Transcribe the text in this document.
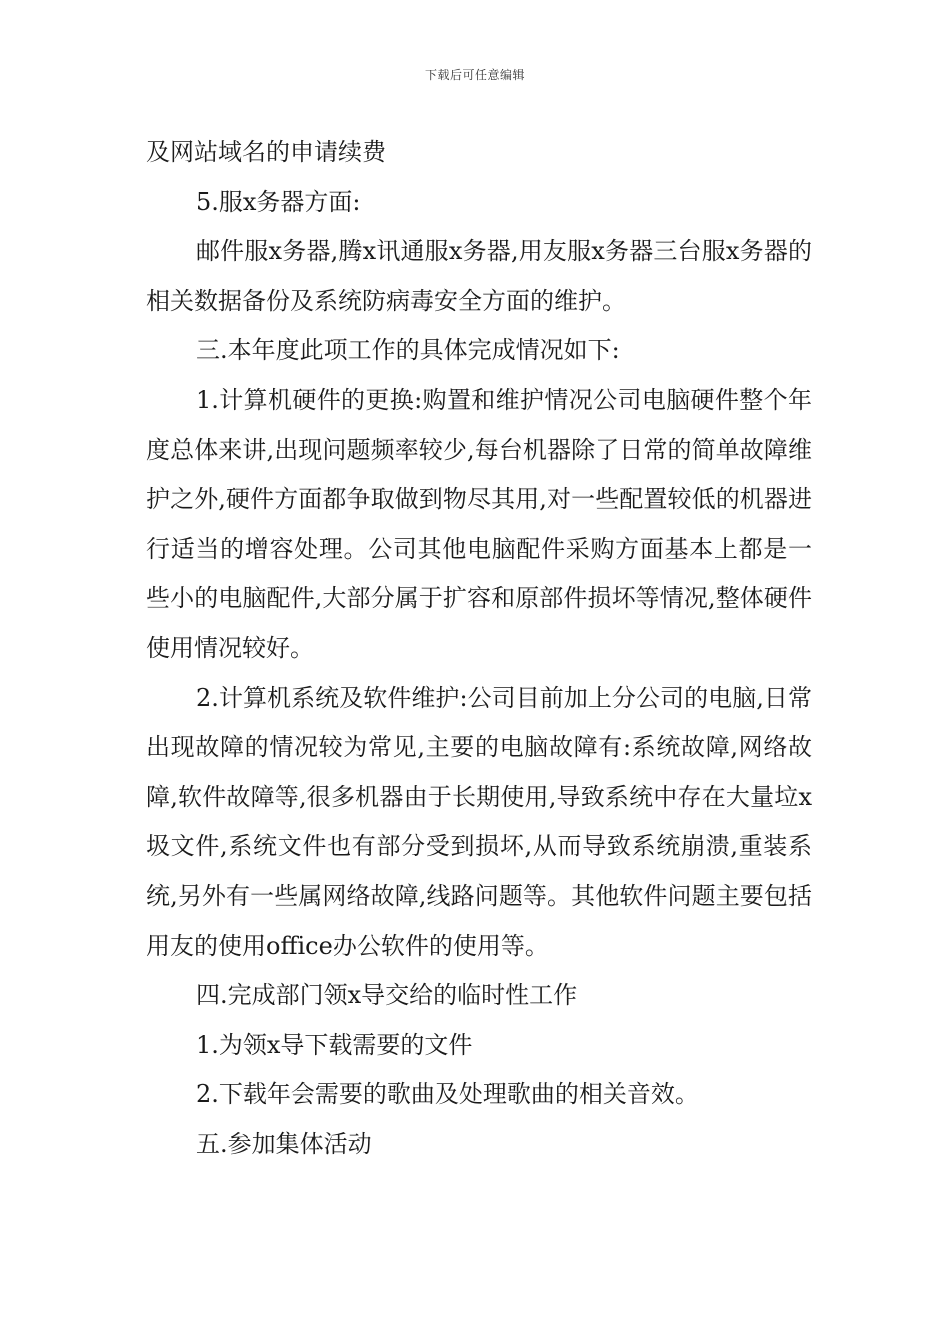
下载后可任意编辑

及网站域名的申请续费

5.服x务器方面:

邮件服x务器,腾x讯通服x务器,用友服x务器三台服x务器的相关数据备份及系统防病毒安全方面的维护。

三.本年度此项工作的具体完成情况如下:

1.计算机硬件的更换:购置和维护情况公司电脑硬件整个年度总体来讲,出现问题频率较少,每台机器除了日常的简单故障维护之外,硬件方面都争取做到物尽其用,对一些配置较低的机器进行适当的增容处理。公司其他电脑配件采购方面基本上都是一些小的电脑配件,大部分属于扩容和原部件损坏等情况,整体硬件使用情况较好。

2.计算机系统及软件维护:公司目前加上分公司的电脑,日常出现故障的情况较为常见,主要的电脑故障有:系统故障,网络故障,软件故障等,很多机器由于长期使用,导致系统中存在大量垃x圾文件,系统文件也有部分受到损坏,从而导致系统崩溃,重装系统,另外有一些属网络故障,线路问题等。其他软件问题主要包括用友的使用office办公软件的使用等。

四.完成部门领x导交给的临时性工作

1.为领x导下载需要的文件

2.下载年会需要的歌曲及处理歌曲的相关音效。

五.参加集体活动
